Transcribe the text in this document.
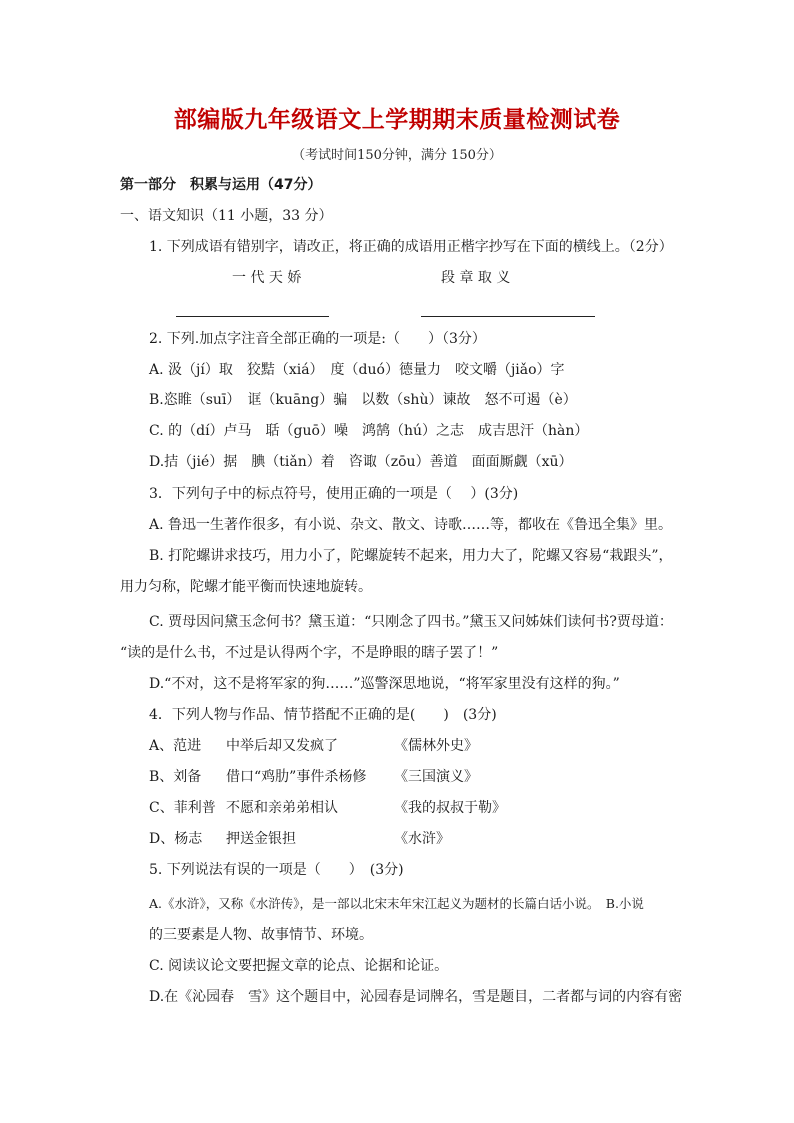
部编版九年级语文上学期期末质量检测试卷
（考试时间150分钟，满分 150分）
第一部分　积累与运用（47分）
一、语文知识（11 小题，33 分）
1. 下列成语有错别字，请改正，将正确的成语用正楷字抄写在下面的横线上。（2分）
一 代 天 娇	段 章 取 义
2. 下列.加点字注音全部正确的一项是:（　　）（3分）
A. 汲（jí）取　狡黠（xiá）　度（duó）德量力　咬文嚼（jiǎo）字
B.恣睢（suī）　诓（kuāng）骗　以数（shù）谏故　怒不可遏（è）
C. 的（dí）卢马　聒（guō）噪　鸿鹄（hú）之志　成吉思汗（hàn）
D.拮（jié）据　腆（tiǎn）着　咨诹（zōu）善道　面面厮觑（xū）
3．下列句子中的标点符号，使用正确的一项是（　 ）(3分)
A. 鲁迅一生著作很多，有小说、杂文、散文、诗歌……等，都收在《鲁迅全集》里。
B. 打陀螺讲求技巧，用力小了，陀螺旋转不起来，用力大了，陀螺又容易“栽跟头”，
用力匀称，陀螺才能平衡而快速地旋转。
C. 贾母因问黛玉念何书？黛玉道：“只刚念了四书。”黛玉又问姊妹们读何书?贾母道：
“读的是什么书，不过是认得两个字，不是睁眼的瞎子罢了！”
D.“不对，这不是将军家的狗……”巡警深思地说，“将军家里没有这样的狗。”
4．下列人物与作品、情节搭配不正确的是(　　)　(3分)
A、范进 中举后却又发疯了	《儒林外史》
B、刘备 借口“鸡肋”事件杀杨修 《三国演义》
C、菲利普 不愿和亲弟弟相认	《我的叔叔于勒》
D、杨志 押送金银担	《水浒》
5. 下列说法有误的一项是（　　）　(3分)
A.《水浒》，又称《水浒传》，是一部以北宋末年宋江起义为题材的长篇白话小说。　B.小说
的三要素是人物、故事情节、环境。
C. 阅读议论文要把握文章的论点、论据和论证。
D.在《沁园春　雪》这个题目中，沁园春是词牌名，雪是题目，二者都与词的内容有密
